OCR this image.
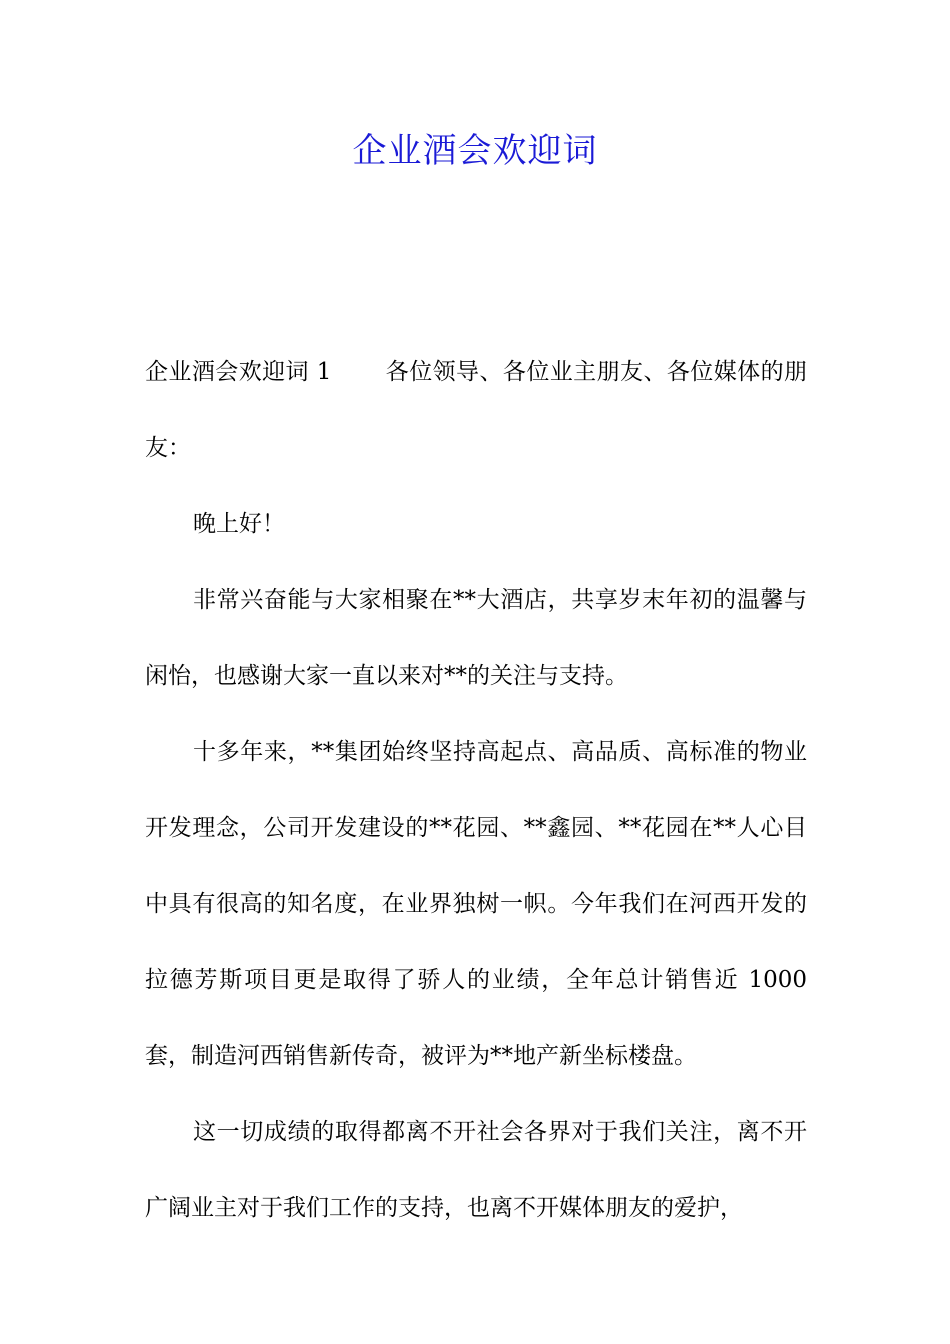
企业酒会欢迎词

企业酒会欢迎词 1 各位领导、各位业主朋友、各位媒体的朋友：

晚上好！

非常兴奋能与大家相聚在**大酒店，共享岁末年初的温馨与闲怡，也感谢大家一直以来对**的关注与支持。

十多年来，**集团始终坚持高起点、高品质、高标准的物业开发理念，公司开发建设的**花园、**鑫园、**花园在**人心目中具有很高的知名度，在业界独树一帜。今年我们在河西开发的拉德芳斯项目更是取得了骄人的业绩，全年总计销售近 1000 套，制造河西销售新传奇，被评为**地产新坐标楼盘。

这一切成绩的取得都离不开社会各界对于我们关注，离不开广阔业主对于我们工作的支持，也离不开媒体朋友的爱护，
